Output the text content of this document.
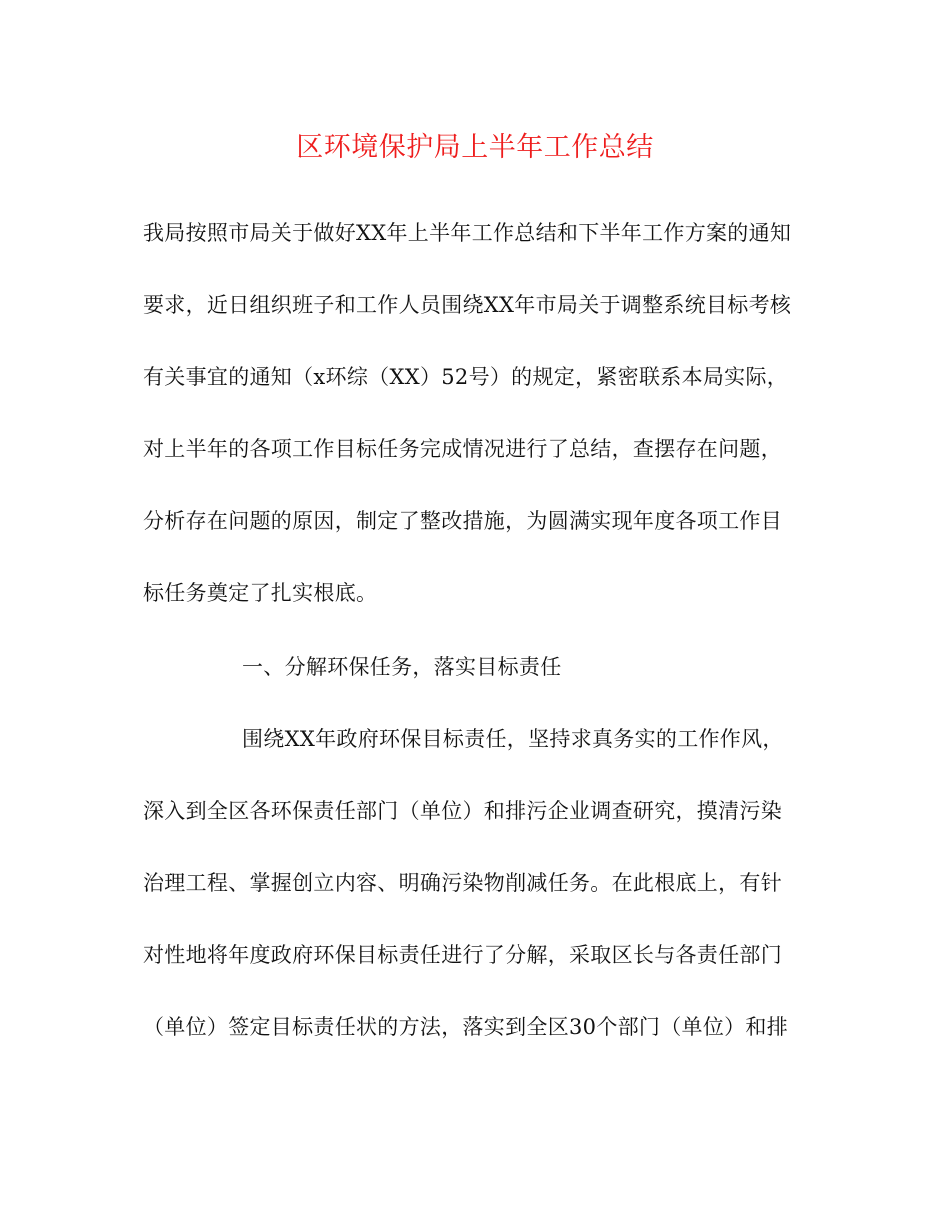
区环境保护局上半年工作总结
我局按照市局关于做好XX年上半年工作总结和下半年工作方案的通知
要求，近日组织班子和工作人员围绕XX年市局关于调整系统目标考核
有关事宜的通知（x环综（XX）52号）的规定，紧密联系本局实际，
对上半年的各项工作目标任务完成情况进行了总结，查摆存在问题，
分析存在问题的原因，制定了整改措施，为圆满实现年度各项工作目
标任务奠定了扎实根底。
一、分解环保任务，落实目标责任
围绕XX年政府环保目标责任，坚持求真务实的工作作风，
深入到全区各环保责任部门（单位）和排污企业调查研究，摸清污染
治理工程、掌握创立内容、明确污染物削减任务。在此根底上，有针
对性地将年度政府环保目标责任进行了分解，采取区长与各责任部门
（单位）签定目标责任状的方法，落实到全区30个部门（单位）和排
